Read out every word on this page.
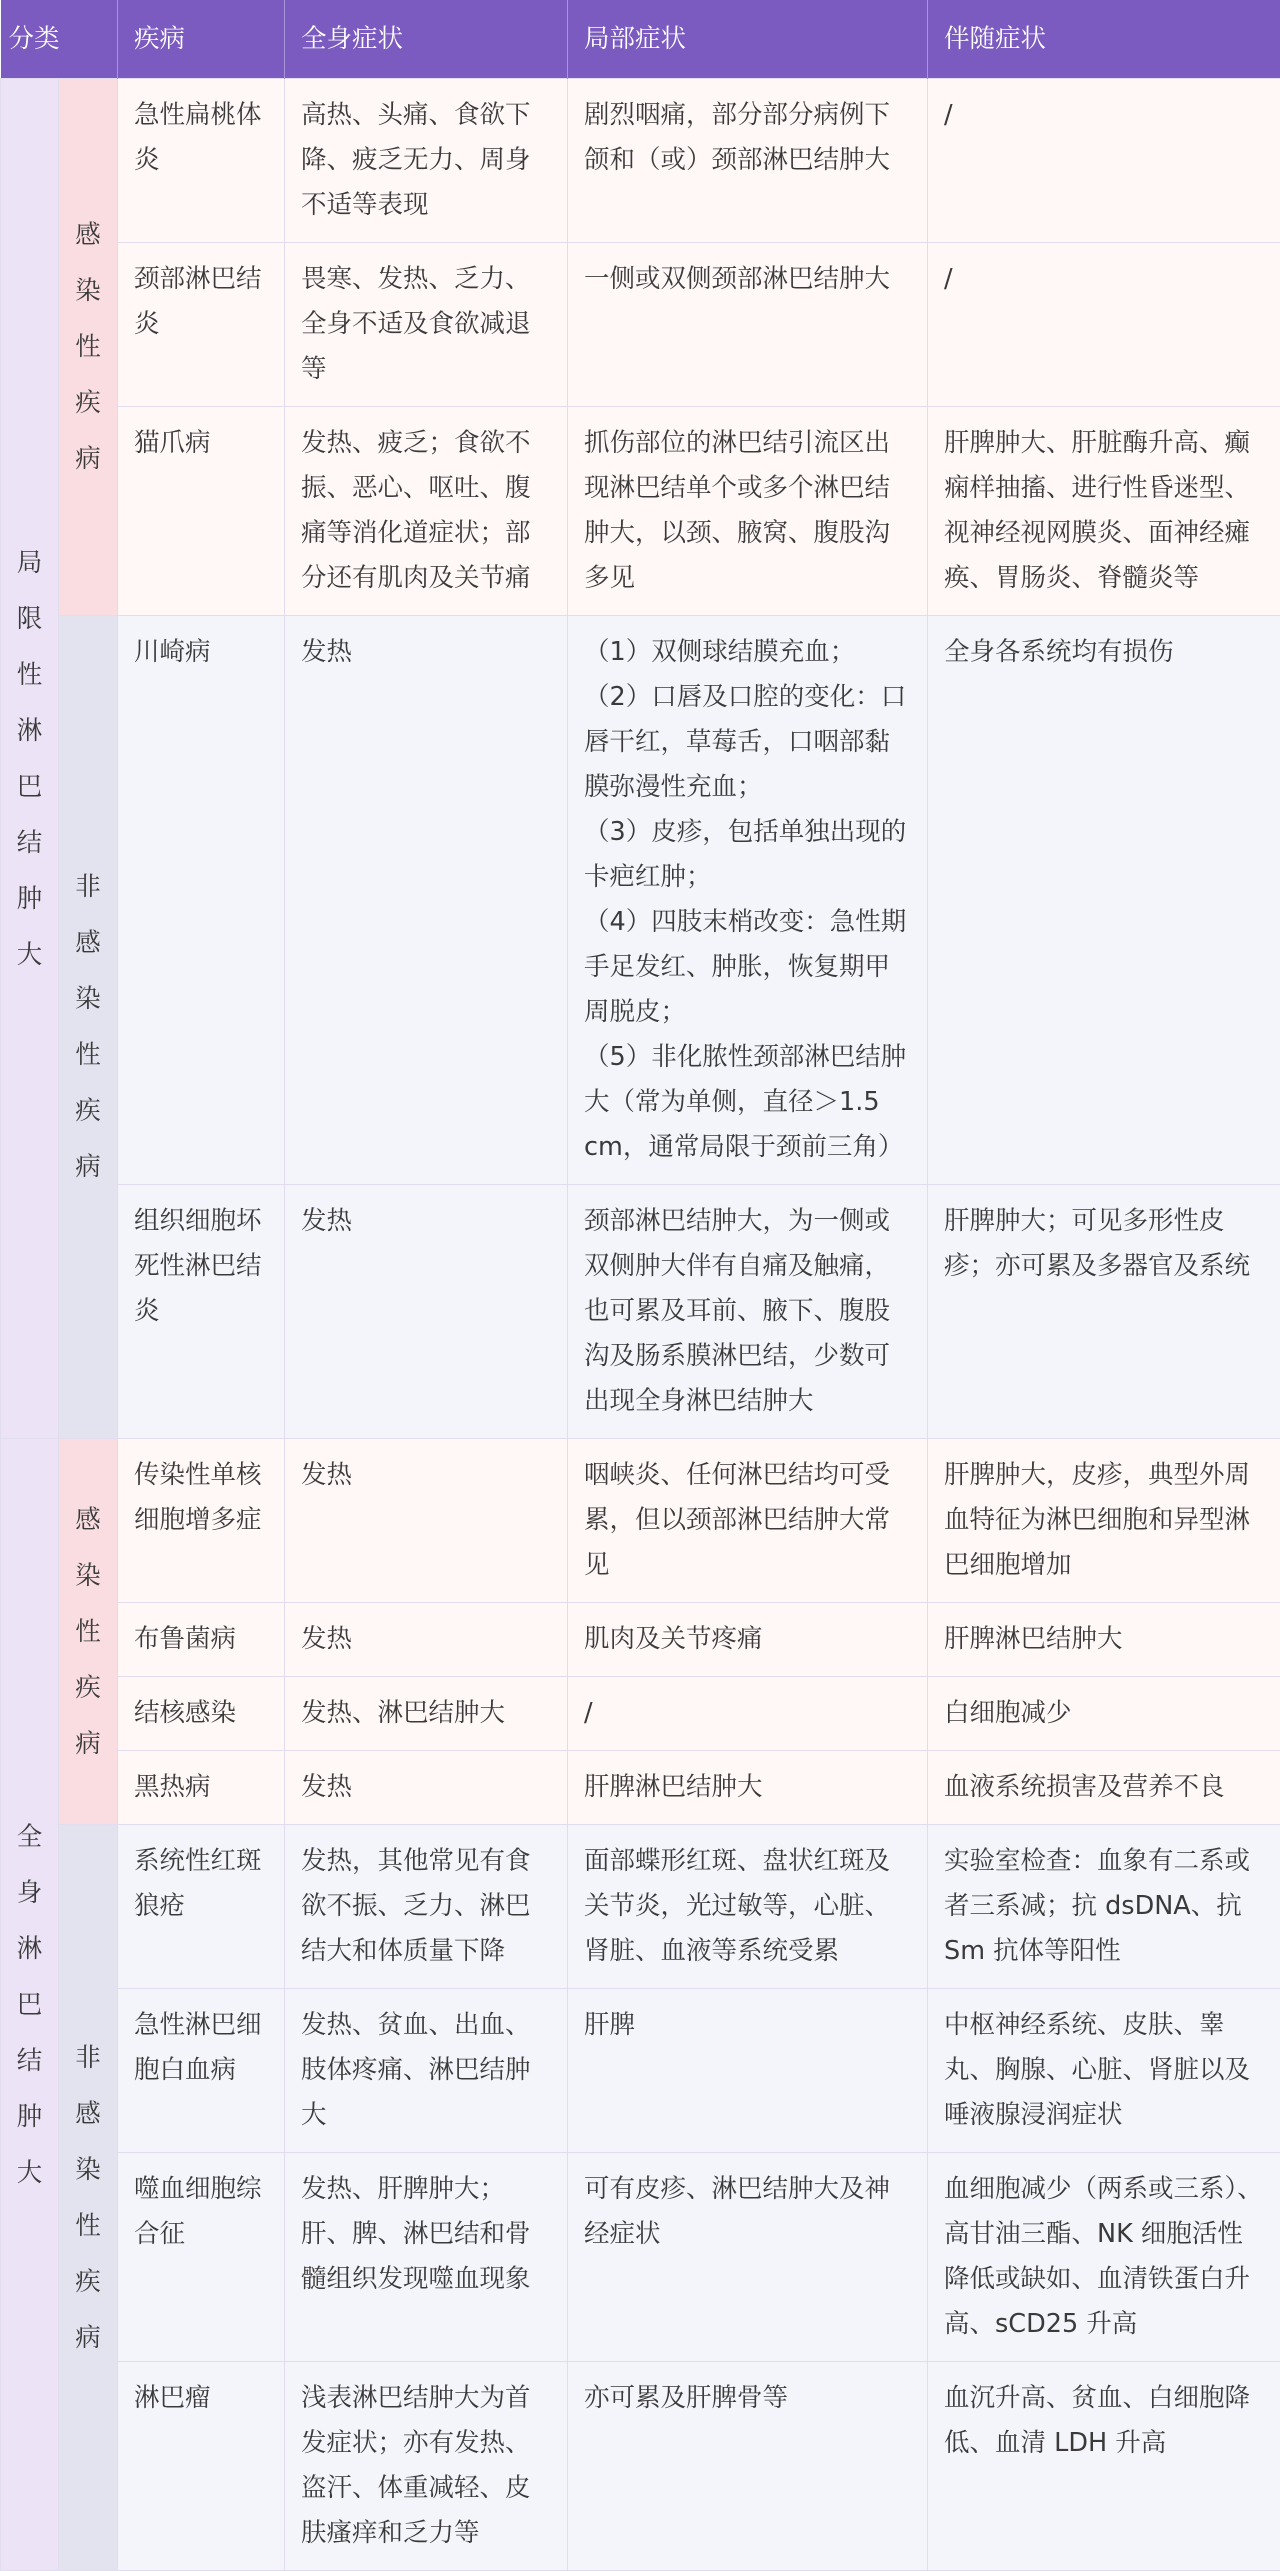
分类		疾病	全身症状	局部症状	伴随症状
局限性淋巴结肿大	感染性疾病	急性扁桃体炎	高热、头痛、食欲下降、疲乏无力、周身不适等表现	剧烈咽痛，部分部分病例下颌和（或）颈部淋巴结肿大	/
		颈部淋巴结炎	畏寒、发热、乏力、全身不适及食欲减退等	一侧或双侧颈部淋巴结肿大	/
		猫爪病	发热、疲乏；食欲不振、恶心、呕吐、腹痛等消化道症状；部分还有肌肉及关节痛	抓伤部位的淋巴结引流区出现淋巴结单个或多个淋巴结肿大，以颈、腋窝、腹股沟多见	肝脾肿大、肝脏酶升高、癫痫样抽搐、进行性昏迷型、视神经视网膜炎、面神经瘫痪、胃肠炎、脊髓炎等
	非感染性疾病	川崎病	发热	（1）双侧球结膜充血；
（2）口唇及口腔的变化：口唇干红，草莓舌，口咽部黏膜弥漫性充血；
（3）皮疹，包括单独出现的卡疤红肿；
（4）四肢末梢改变：急性期手足发红、肿胀，恢复期甲周脱皮；
（5）非化脓性颈部淋巴结肿大（常为单侧，直径＞1.5 cm，通常局限于颈前三角）	全身各系统均有损伤
		组织细胞坏死性淋巴结炎	发热	颈部淋巴结肿大，为一侧或双侧肿大伴有自痛及触痛，也可累及耳前、腋下、腹股沟及肠系膜淋巴结，少数可出现全身淋巴结肿大	肝脾肿大；可见多形性皮疹；亦可累及多器官及系统
全身淋巴结肿大	感染性疾病	传染性单核细胞增多症	发热	咽峡炎、任何淋巴结均可受累，但以颈部淋巴结肿大常见	肝脾肿大，皮疹，典型外周血特征为淋巴细胞和异型淋巴细胞增加
		布鲁菌病	发热	肌肉及关节疼痛	肝脾淋巴结肿大
		结核感染	发热、淋巴结肿大	/	白细胞减少
		黑热病	发热	肝脾淋巴结肿大	血液系统损害及营养不良
	非感染性疾病	系统性红斑狼疮	发热，其他常见有食欲不振、乏力、淋巴结大和体质量下降	面部蝶形红斑、盘状红斑及关节炎，光过敏等，心脏、肾脏、血液等系统受累	实验室检查：血象有二系或者三系减；抗 dsDNA、抗 Sm 抗体等阳性
		急性淋巴细胞白血病	发热、贫血、出血、肢体疼痛、淋巴结肿大	肝脾	中枢神经系统、皮肤、睾丸、胸腺、心脏、肾脏以及唾液腺浸润症状
		噬血细胞综合征	发热、肝脾肿大；肝、脾、淋巴结和骨髓组织发现噬血现象	可有皮疹、淋巴结肿大及神经症状	血细胞减少（两系或三系）、高甘油三酯、NK 细胞活性降低或缺如、血清铁蛋白升高、sCD25 升高
		淋巴瘤	浅表淋巴结肿大为首发症状；亦有发热、盗汗、体重减轻、皮肤瘙痒和乏力等	亦可累及肝脾骨等	血沉升高、贫血、白细胞降低、血清 LDH 升高
